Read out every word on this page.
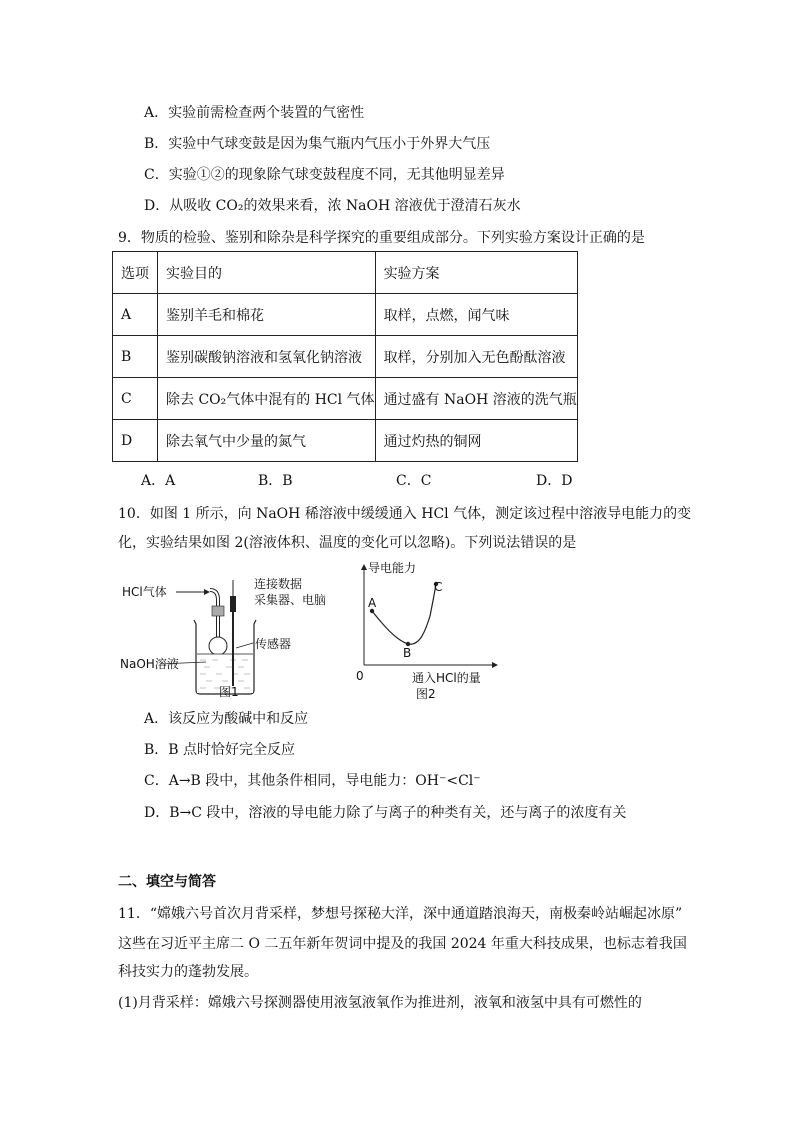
A．实验前需检查两个装置的气密性
B．实验中气球变鼓是因为集气瓶内气压小于外界大气压
C．实验①②的现象除气球变鼓程度不同，无其他明显差异
D．从吸收 CO₂的效果来看，浓 NaOH 溶液优于澄清石灰水
9．物质的检验、鉴别和除杂是科学探究的重要组成部分。下列实验方案设计正确的是
选项	实验目的	实验方案
A	鉴别羊毛和棉花	取样，点燃，闻气味
B	鉴别碳酸钠溶液和氢氧化钠溶液	取样，分别加入无色酚酞溶液
C	除去 CO₂气体中混有的 HCl 气体	通过盛有 NaOH 溶液的洗气瓶
D	除去氧气中少量的氮气	通过灼热的铜网
A．A	B．B	C．C	D．D
10．如图 1 所示，向 NaOH 稀溶液中缓缓通入 HCl 气体，测定该过程中溶液导电能力的变
化，实验结果如图 2(溶液体积、温度的变化可以忽略)。下列说法错误的是
HCl气体
连接数据
采集器、电脑
传感器
NaOH溶液
图1
导电能力
A
B
C
0	通入HCl的量
图2
A．该反应为酸碱中和反应
B．B 点时恰好完全反应
C．A→B 段中，其他条件相同，导电能力：OH⁻<Cl⁻
D．B→C 段中，溶液的导电能力除了与离子的种类有关，还与离子的浓度有关
二、填空与简答
11．“嫦娥六号首次月背采样，梦想号探秘大洋，深中通道踏浪海天，南极秦岭站崛起冰原”
这些在习近平主席二 O 二五年新年贺词中提及的我国 2024 年重大科技成果，也标志着我国
科技实力的蓬勃发展。
(1)月背采样：嫦娥六号探测器使用液氢液氧作为推进剂，液氧和液氢中具有可燃性的
